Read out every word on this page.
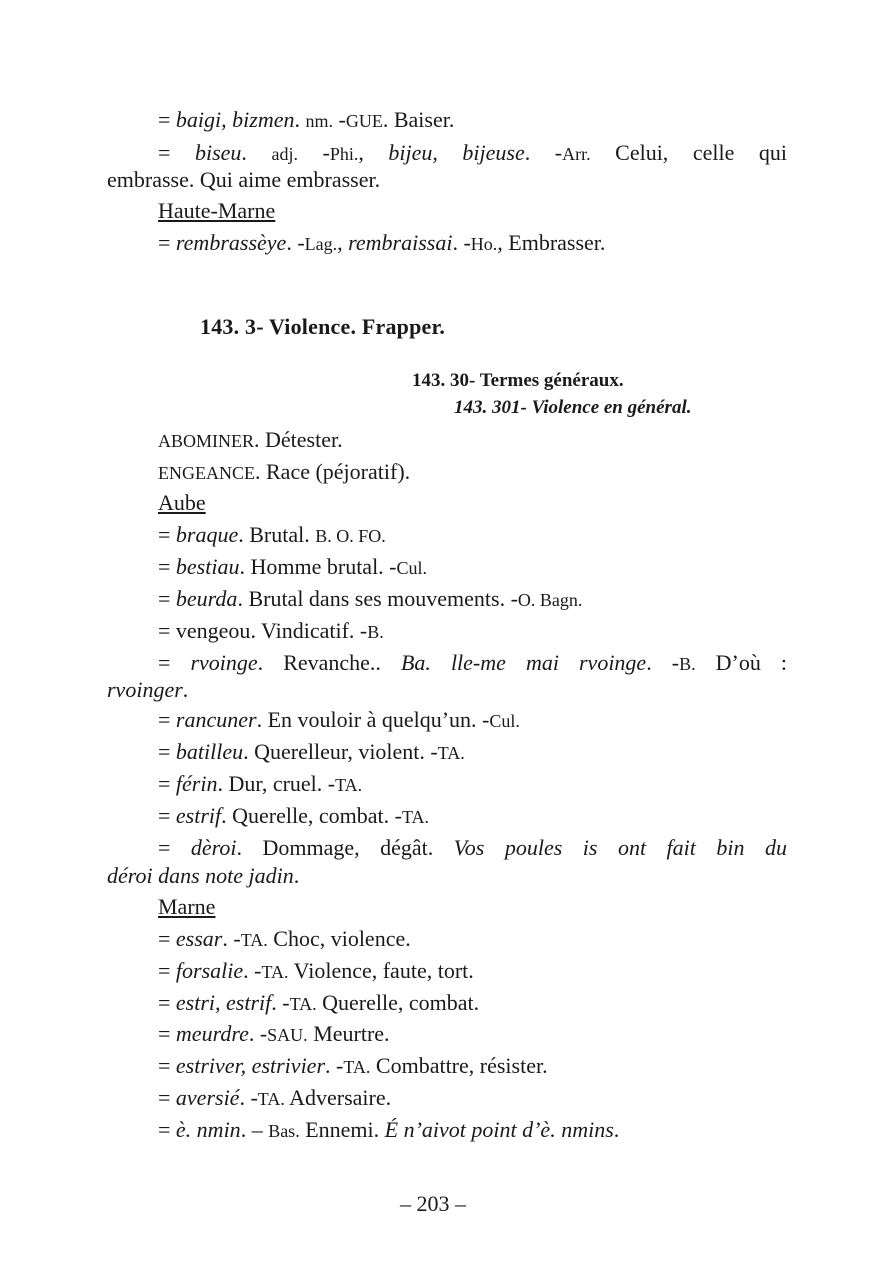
= baigi, bizmen. nm. -GUE. Baiser.
= biseu. adj. -Phi., bijeu, bijeuse. -Arr. Celui, celle qui
embrasse. Qui aime embrasser.
Haute-Marne
= rembrassèye. -Lag., rembraissai. -Ho., Embrasser.
143. 3- Violence. Frapper.
143. 30- Termes généraux.
143. 301- Violence en général.
ABOMINER. Détester.
ENGEANCE. Race (péjoratif).
Aube
= braque. Brutal. B. O. FO.
= bestiau. Homme brutal. -Cul.
= beurda. Brutal dans ses mouvements. -O. Bagn.
= vengeou. Vindicatif. -B.
= rvoinge. Revanche.. Ba. lle-me mai rvoinge. -B. D’où :
rvoinger.
= rancuner. En vouloir à quelqu’un. -Cul.
= batilleu. Querelleur, violent. -TA.
= férin. Dur, cruel. -TA.
= estrif. Querelle, combat. -TA.
= dèroi. Dommage, dégât. Vos poules is ont fait bin du
déroi dans note jadin.
Marne
= essar. -TA. Choc, violence.
= forsalie. -TA. Violence, faute, tort.
= estri, estrif. -TA. Querelle, combat.
= meurdre. -SAU. Meurtre.
= estriver, estrivier. -TA. Combattre, résister.
= aversié. -TA. Adversaire.
= è. nmin. – Bas. Ennemi. É n’aivot point d’è. nmins.
– 203 –
